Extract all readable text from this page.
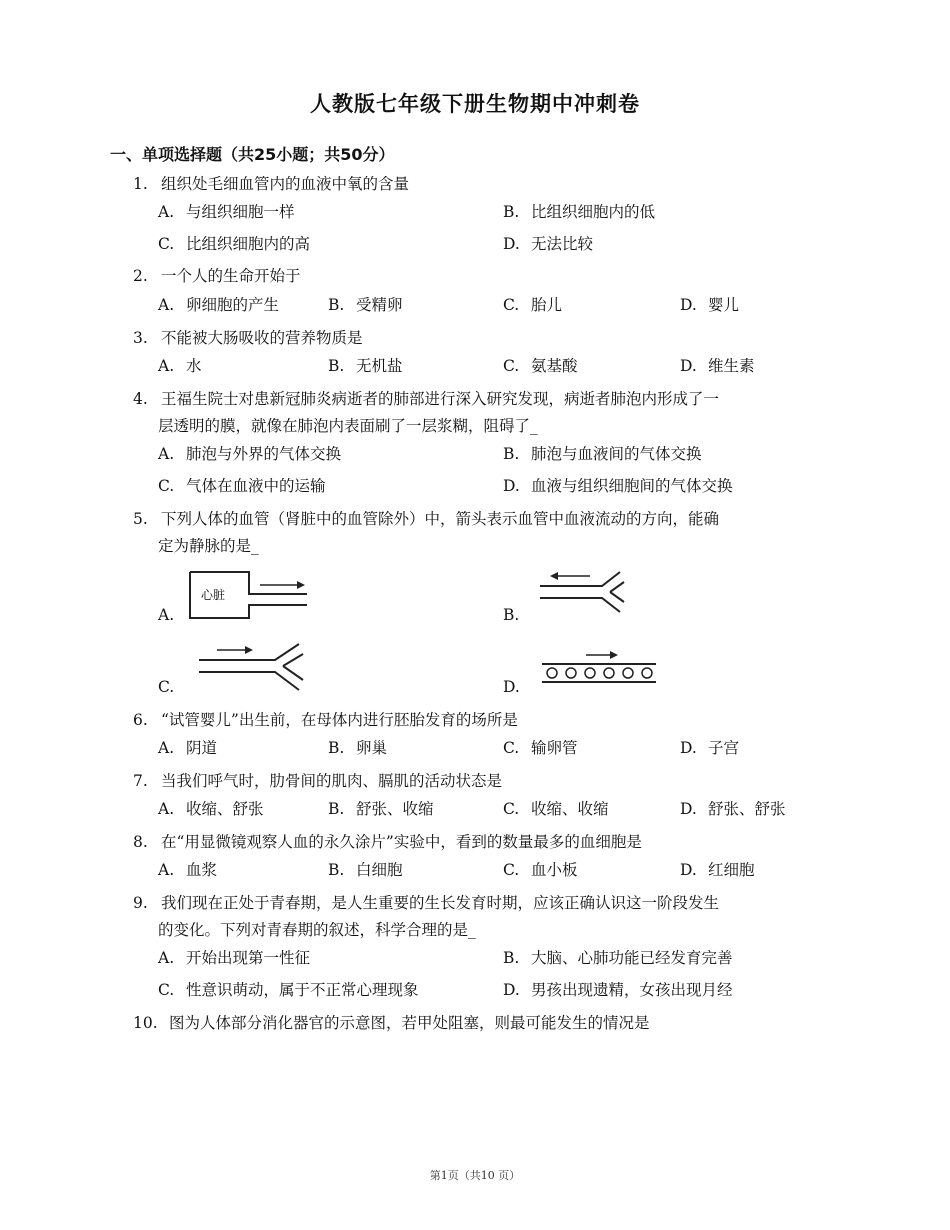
人教版七年级下册生物期中冲刺卷
一、单项选择题（共25小题；共50分）
1. 组织处毛细血管内的血液中氧的含量
A. 与组织细胞一样	B. 比组织细胞内的低
C. 比组织细胞内的高	D. 无法比较
2. 一个人的生命开始于
A. 卵细胞的产生	B. 受精卵	C. 胎儿	D. 婴儿
3. 不能被大肠吸收的营养物质是
A. 水	B. 无机盐	C. 氨基酸	D. 维生素
4. 王福生院士对患新冠肺炎病逝者的肺部进行深入研究发现，病逝者肺泡内形成了一
层透明的膜，就像在肺泡内表面刷了一层浆糊，阻碍了_
A. 肺泡与外界的气体交换	B. 肺泡与血液间的气体交换
C. 气体在血液中的运输	D. 血液与组织细胞间的气体交换
5. 下列人体的血管（肾脏中的血管除外）中，箭头表示血管中血液流动的方向，能确
定为静脉的是_
A.
心脏
B.
C.	D.
6. “试管婴儿”出生前，在母体内进行胚胎发育的场所是
A. 阴道	B. 卵巢	C. 输卵管	D. 子宫
7. 当我们呼气时，肋骨间的肌肉、膈肌的活动状态是
A. 收缩、舒张	B. 舒张、收缩	C. 收缩、收缩	D. 舒张、舒张
8. 在“用显微镜观察人血的永久涂片”实验中，看到的数量最多的血细胞是
A. 血浆	B. 白细胞	C. 血小板	D. 红细胞
9. 我们现在正处于青春期，是人生重要的生长发育时期，应该正确认识这一阶段发生
的变化。下列对青春期的叙述，科学合理的是_
A. 开始出现第一性征	B. 大脑、心肺功能已经发育完善
C. 性意识萌动，属于不正常心理现象	D. 男孩出现遗精，女孩出现月经
10. 图为人体部分消化器官的示意图，若甲处阻塞，则最可能发生的情况是
第1页（共10 页）
